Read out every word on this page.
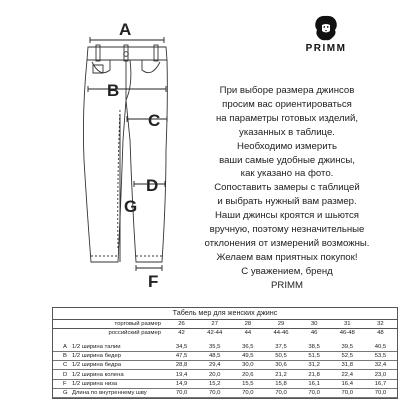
A
B
C
D
G
F
PRIMM
При выборе размера джинсов
просим вас ориентироваться
на параметры готовых изделий,
указанных в таблице.
Необходимо измерить
ваши самые удобные джинсы,
как указано на фото.
Сопоставить замеры с таблицей
и выбрать нужный вам размер.
Наши джинсы кроятся и шьются
вручную, поэтому незначительные
отклонения от измерений возможны.
Желаем вам приятных покупок!
С уважением, бренд
PRIMM
Табель мер для женских джинс
торговый размер		26	27	28	29	30	31	32
российский размер		42	42-44	44	44-46	46	46-48	48

A	1/2 ширина талии	34,5	35,5	36,5	37,5	38,5	39,5	40,5
B	1/2 ширина бедер	47,5	48,5	49,5	50,5	51,5	52,5	53,5
C	1/2 ширина бедра	28,8	29,4	30,0	30,6	31,2	31,8	32,4
D	1/2 ширина колена	19,4	20,0	20,6	21,2	21,8	22,4	23,0
F	1/2 ширина низа	14,9	15,2	15,5	15,8	16,1	16,4	16,7
G	Длина по внутреннему шву	70,0	70,0	70,0	70,0	70,0	70,0	70,0
